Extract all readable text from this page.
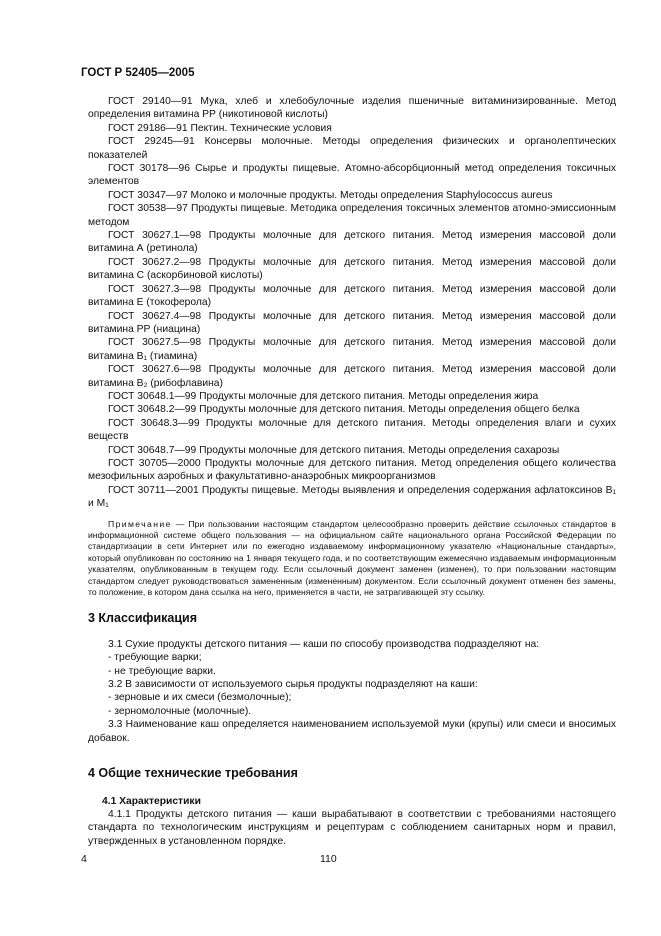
ГОСТ Р 52405—2005

ГОСТ 29140—91 Мука, хлеб и хлебобулочные изделия пшеничные витаминизированные. Метод определения витамина РР (никотиновой кислоты)

ГОСТ 29186—91 Пектин. Технические условия

ГОСТ 29245—91 Консервы молочные. Методы определения физических и органолептических показателей

ГОСТ 30178—96 Сырье и продукты пищевые. Атомно-абсорбционный метод определения токсичных элементов

ГОСТ 30347—97 Молоко и молочные продукты. Методы определения Staphylococcus aureus

ГОСТ 30538—97 Продукты пищевые. Методика определения токсичных элементов атомно-эмиссионным методом

ГОСТ 30627.1—98 Продукты молочные для детского питания. Метод измерения массовой доли витамина А (ретинола)

ГОСТ 30627.2—98 Продукты молочные для детского питания. Метод измерения массовой доли витамина С (аскорбиновой кислоты)

ГОСТ 30627.3—98 Продукты молочные для детского питания. Метод измерения массовой доли витамина Е (токоферола)

ГОСТ 30627.4—98 Продукты молочные для детского питания. Метод измерения массовой доли витамина РР (ниацина)

ГОСТ 30627.5—98 Продукты молочные для детского питания. Метод измерения массовой доли витамина В₁ (тиамина)

ГОСТ 30627.6—98 Продукты молочные для детского питания. Метод измерения массовой доли витамина В₂ (рибофлавина)

ГОСТ 30648.1—99 Продукты молочные для детского питания. Методы определения жира

ГОСТ 30648.2—99 Продукты молочные для детского питания. Методы определения общего белка

ГОСТ 30648.3—99 Продукты молочные для детского питания. Методы определения влаги и сухих веществ

ГОСТ 30648.7—99 Продукты молочные для детского питания. Методы определения сахарозы

ГОСТ 30705—2000 Продукты молочные для детского питания. Метод определения общего количества мезофильных аэробных и факультативно-анаэробных микроорганизмов

ГОСТ 30711—2001 Продукты пищевые. Методы выявления и определения содержания афлатоксинов В₁ и М₁

Примечание — При пользовании настоящим стандартом целесообразно проверить действие ссылочных стандартов в информационной системе общего пользования — на официальном сайте национального органа Российской Федерации по стандартизации в сети Интернет или по ежегодно издаваемому информационному указателю «Национальные стандарты», который опубликован по состоянию на 1 января текущего года, и по соответствующим ежемесячно издаваемым информационным указателям, опубликованным в текущем году. Если ссылочный документ заменен (изменен), то при пользовании настоящим стандартом следует руководствоваться замененным (измененным) документом. Если ссылочный документ отменен без замены, то положение, в котором дана ссылка на него, применяется в части, не затрагивающей эту ссылку.

3 Классификация

3.1 Сухие продукты детского питания — каши по способу производства подразделяют на:

- требующие варки;

- не требующие варки.

3.2 В зависимости от используемого сырья продукты подразделяют на каши:

- зерновые и их смеси (безмолочные);

- зерномолочные (молочные).

3.3 Наименование каш определяется наименованием используемой муки (крупы) или смеси и вносимых добавок.

4 Общие технические требования
4.1 Характеристики

4.1.1 Продукты детского питания — каши вырабатывают в соответствии с требованиями настоящего стандарта по технологическим инструкциям и рецептурам с соблюдением санитарных норм и правил, утвержденных в установленном порядке.

4	110
